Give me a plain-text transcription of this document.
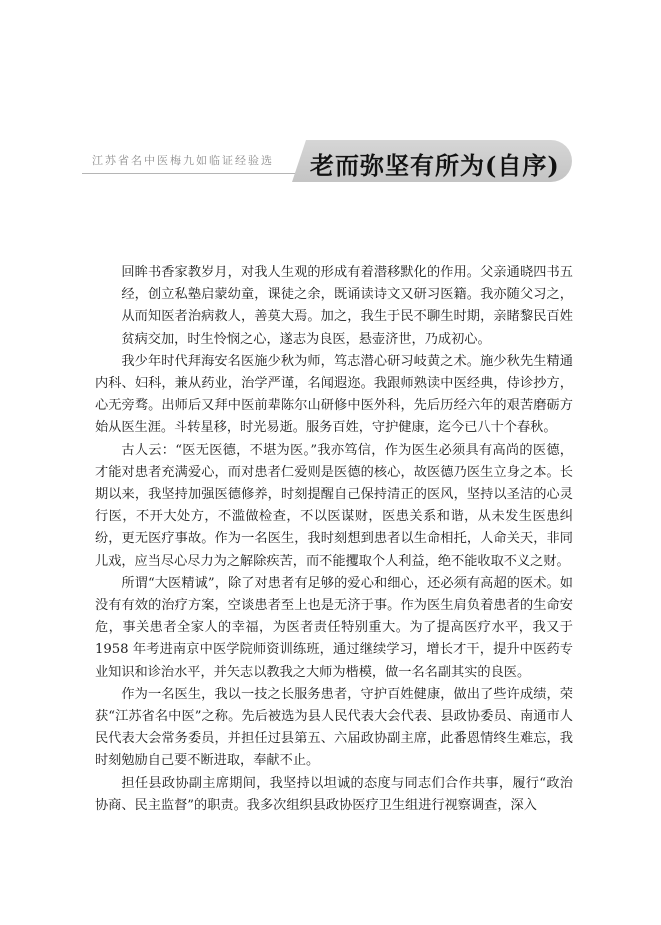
江苏省名中医梅九如临证经验选 老而弥坚有所为(自序)

回眸书香家教岁月，对我人生观的形成有着潜移默化的作用。父亲通晓四书五经，创立私塾启蒙幼童，课徒之余，既诵读诗文又研习医籍。我亦随父习之，从而知医者治病救人，善莫大焉。加之，我生于民不聊生时期，亲睹黎民百姓贫病交加，时生怜悯之心，遂志为良医，悬壶济世，乃成初心。

我少年时代拜海安名医施少秋为师，笃志潜心研习岐黄之术。施少秋先生精通内科、妇科，兼从药业，治学严谨，名闻遐迩。我跟师熟读中医经典，侍诊抄方，心无旁骛。出师后又拜中医前辈陈尔山研修中医外科，先后历经六年的艰苦磨砺方始从医生涯。斗转星移，时光易逝。服务百姓，守护健康，迄今已八十个春秋。

古人云：“医无医德，不堪为医。”我亦笃信，作为医生必须具有高尚的医德，才能对患者充满爱心，而对患者仁爱则是医德的核心，故医德乃医生立身之本。长期以来，我坚持加强医德修养，时刻提醒自己保持清正的医风，坚持以圣洁的心灵行医，不开大处方，不滥做检查，不以医谋财，医患关系和谐，从未发生医患纠纷，更无医疗事故。作为一名医生，我时刻想到患者以生命相托，人命关天，非同儿戏，应当尽心尽力为之解除疾苦，而不能攫取个人利益，绝不能收取不义之财。

所谓“大医精诚”，除了对患者有足够的爱心和细心，还必须有高超的医术。如没有有效的治疗方案，空谈患者至上也是无济于事。作为医生肩负着患者的生命安危，事关患者全家人的幸福，为医者责任特别重大。为了提高医疗水平，我又于 1958 年考进南京中医学院师资训练班，通过继续学习，增长才干，提升中医药专业知识和诊治水平，并矢志以教我之大师为楷模，做一名名副其实的良医。

作为一名医生，我以一技之长服务患者，守护百姓健康，做出了些许成绩，荣获“江苏省名中医”之称。先后被选为县人民代表大会代表、县政协委员、南通市人民代表大会常务委员，并担任过县第五、六届政协副主席，此番恩情终生难忘，我时刻勉励自己要不断进取，奉献不止。

担任县政协副主席期间，我坚持以坦诚的态度与同志们合作共事，履行“政治协商、民主监督”的职责。我多次组织县政协医疗卫生组进行视察调查，深入
